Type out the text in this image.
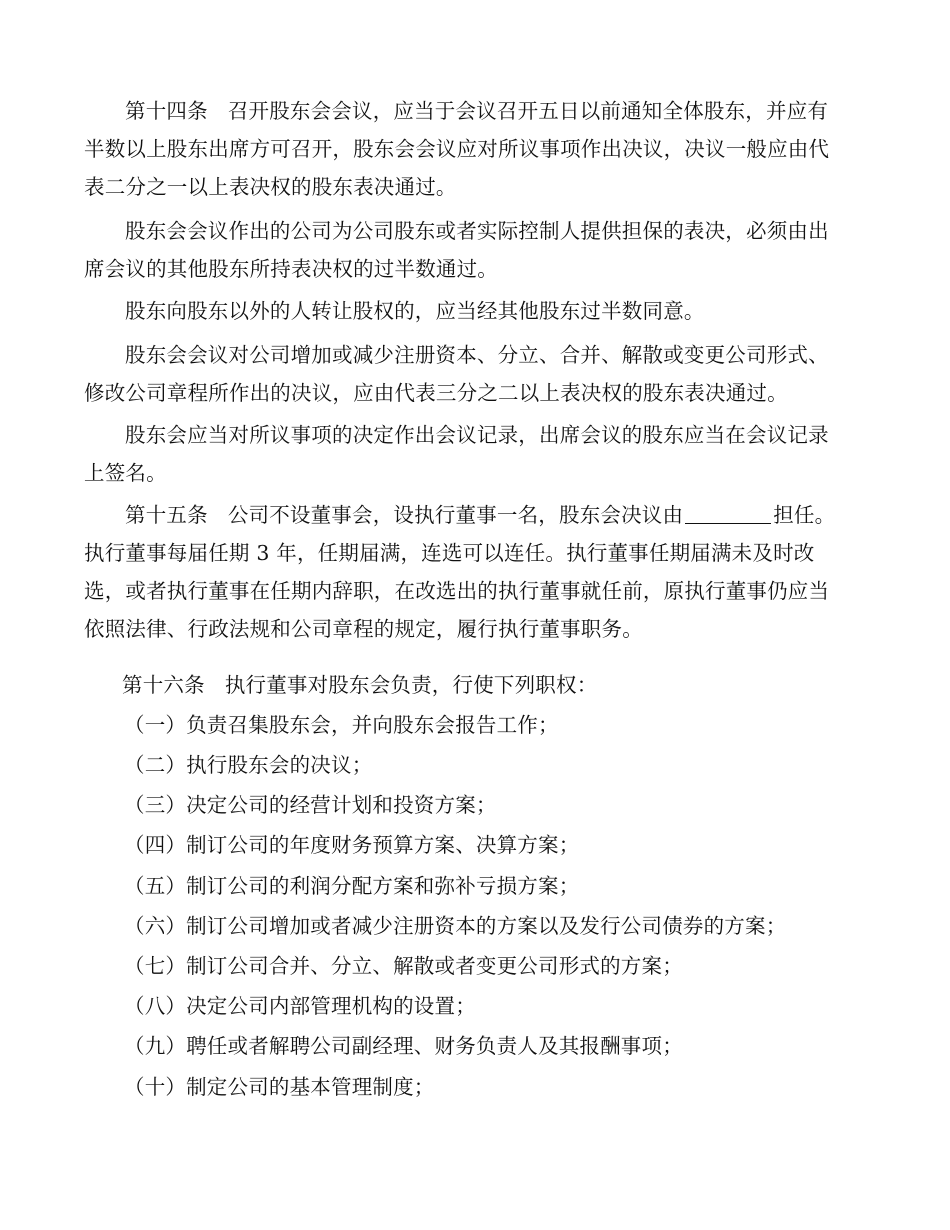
第十四条 召开股东会会议，应当于会议召开五日以前通知全体股东，并应有
半数以上股东出席方可召开，股东会会议应对所议事项作出决议，决议一般应由代
表二分之一以上表决权的股东表决通过。
股东会会议作出的公司为公司股东或者实际控制人提供担保的表决，必须由出
席会议的其他股东所持表决权的过半数通过。
股东向股东以外的人转让股权的，应当经其他股东过半数同意。
股东会会议对公司增加或减少注册资本、分立、合并、解散或变更公司形式、
修改公司章程所作出的决议，应由代表三分之二以上表决权的股东表决通过。
股东会应当对所议事项的决定作出会议记录，出席会议的股东应当在会议记录
上签名。
第十五条 公司不设董事会，设执行董事一名，股东会决议由	担任。
执行董事每届任期 3 年，任期届满，连选可以连任。执行董事任期届满未及时改
选，或者执行董事在任期内辞职，在改选出的执行董事就任前，原执行董事仍应当
依照法律、行政法规和公司章程的规定，履行执行董事职务。
第十六条 执行董事对股东会负责，行使下列职权：
（一）负责召集股东会，并向股东会报告工作；
（二）执行股东会的决议；
（三）决定公司的经营计划和投资方案；
（四）制订公司的年度财务预算方案、决算方案；
（五）制订公司的利润分配方案和弥补亏损方案；
（六）制订公司增加或者减少注册资本的方案以及发行公司债券的方案；
（七）制订公司合并、分立、解散或者变更公司形式的方案；
（八）决定公司内部管理机构的设置；
（九）聘任或者解聘公司副经理、财务负责人及其报酬事项；
（十）制定公司的基本管理制度；
